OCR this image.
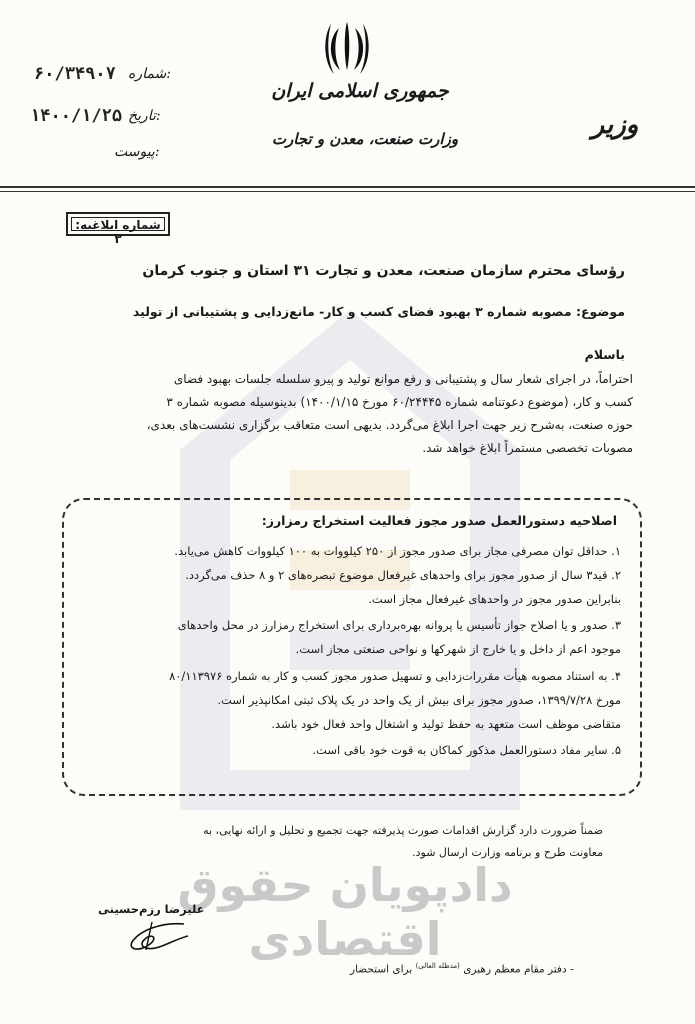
دادپویان حقوق اقتصادی
جمهوری اسلامی ایران
وزارت صنعت، معدن و تجارت	وزیر
شماره:
۶۰/۳۴۹۰۷
تاریخ:
۱۴۰۰/۱/۲۵
پیوست:
شماره ابلاغیه: ۳
رؤسای محترم سازمان صنعت، معدن و تجارت ۳۱ استان و جنوب کرمان
موضوع: مصوبه شماره ۳ بهبود فضای کسب و کار- مانع‌زدایی و پشتیبانی از تولید
باسلام
احتراماً، در اجرای شعار سال و پشتیبانی و رفع موانع تولید و پیرو سلسله جلسات بهبود فضای
کسب و کار، (موضوع دعوتنامه شماره ۶۰/۲۴۴۴۵ مورخ ۱۴۰۰/۱/۱۵) بدینوسیله مصوبه شماره ۳
حوزه صنعت، به‌شرح زیر جهت اجرا ابلاغ می‌گردد. بدیهی است متعاقب برگزاری نشست‌های بعدی،
مصوبات تخصصی مستمراً ابلاغ خواهد شد.
اصلاحیه دستورالعمل صدور مجوز فعالیت استخراج رمزارز:
۱. حداقل توان مصرفی مجاز برای صدور مجوز از ۲۵۰ کیلووات به ۱۰۰ کیلووات کاهش می‌یابد.
۲. قید۳ سال از صدور مجوز برای واحدهای غیرفعال موضوع تبصره‌های ۲ و ۸ حذف می‌گردد.
بنابراین صدور مجوز در واحدهای غیرفعال مجاز است.
۳. صدور و یا اصلاح جواز تأسیس یا پروانه بهره‌برداری برای استخراج رمزارز در محل واحدهای
موجود اعم از داخل و یا خارج از شهرکها و نواحی صنعتی مجاز است.
۴. به استناد مصوبه هیأت مقررات‌زدایی و تسهیل صدور مجوز کسب و کار به شماره ۸۰/۱۱۳۹۷۶
مورخ ۱۳۹۹/۷/۲۸، صدور مجوز برای بیش از یک واحد در یک پلاک ثبتی امکانپذیر است.
متقاضی موظف است متعهد به حفظ تولید و اشتغال واحد فعال خود باشد.
۵. سایر مفاد دستورالعمل مذکور کماکان به قوت خود باقی است.
ضمناً ضرورت دارد گزارش اقدامات صورت پذیرفته جهت تجمیع و تحلیل و ارائه نهایی، به
معاونت طرح و برنامه وزارت ارسال شود.
علیرضا رزم‌حسینی
- دفتر مقام معظم رهبری $^{(مدظله العالی)}$ برای استحضار
